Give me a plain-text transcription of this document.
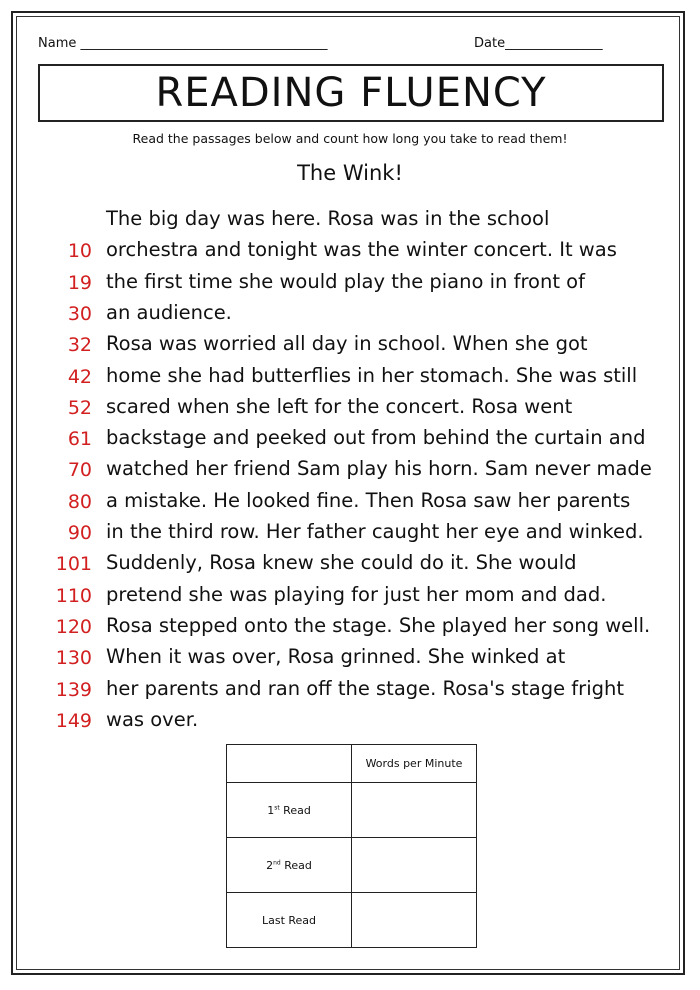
Name ______________________________________	Date_______________
READING FLUENCY
Read the passages below and count how long you take to read them!
The Wink!
The big day was here. Rosa was in the school
10 orchestra and tonight was the winter concert. It was
19 the first time she would play the piano in front of
30 an audience.
32 Rosa was worried all day in school. When she got
42 home she had butterflies in her stomach. She was still
52 scared when she left for the concert. Rosa went
61 backstage and peeked out from behind the curtain and
70 watched her friend Sam play his horn. Sam never made
80 a mistake. He looked fine. Then Rosa saw her parents
90 in the third row. Her father caught her eye and winked.
101 Suddenly, Rosa knew she could do it. She would
110 pretend she was playing for just her mom and dad.
120 Rosa stepped onto the stage. She played her song well.
130 When it was over, Rosa grinned. She winked at
139 her parents and ran off the stage. Rosa's stage fright
149 was over.
	Words per Minute
1st Read	
2nd Read	
Last Read	
